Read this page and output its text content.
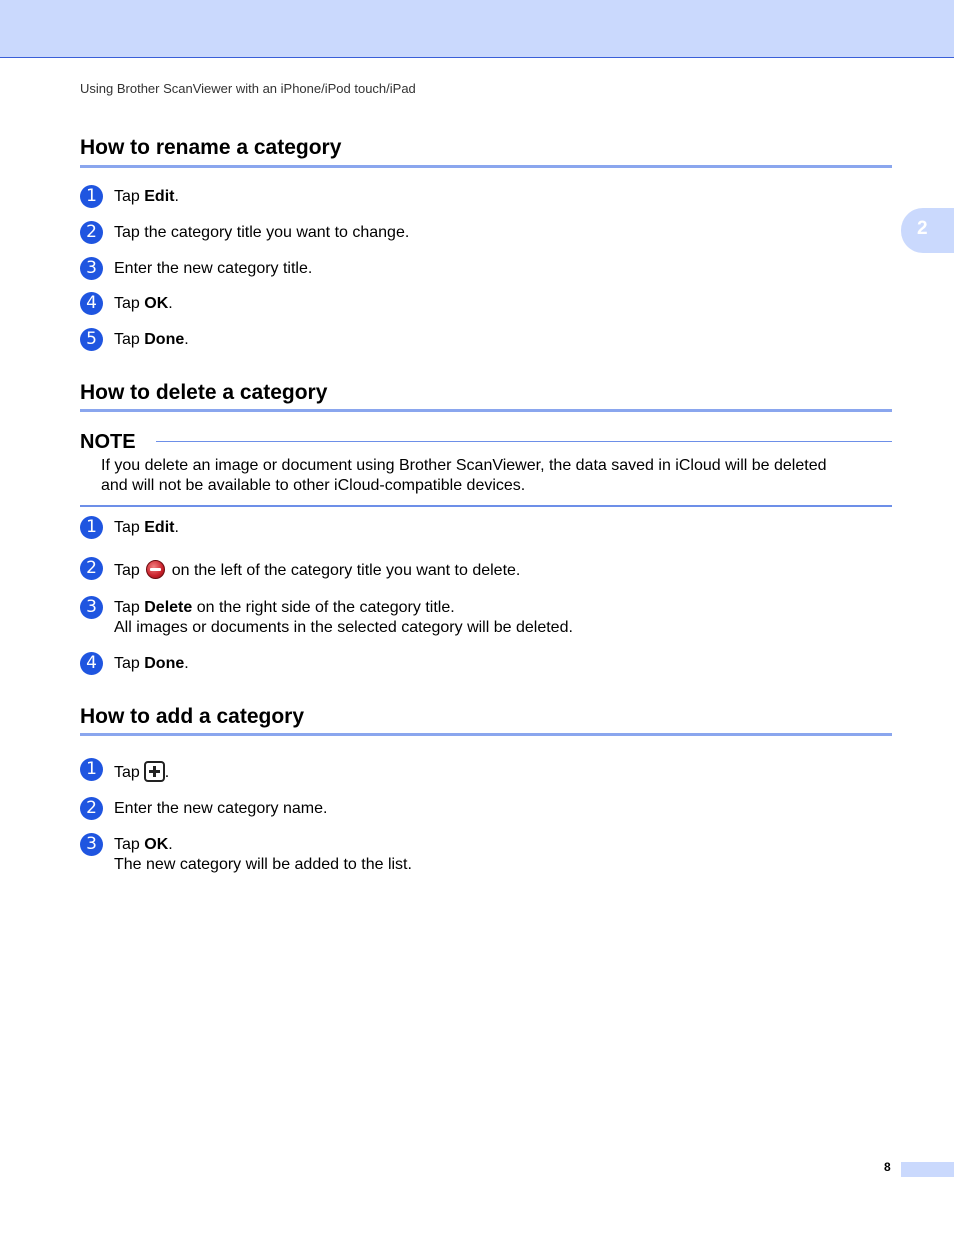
Using Brother ScanViewer with an iPhone/iPod touch/iPad
2
How to rename a category
1	Tap Edit.
2	Tap the category title you want to change.
3	Enter the new category title.
4	Tap OK.
5	Tap Done.
How to delete a category
NOTE
If you delete an image or document using Brother ScanViewer, the data saved in iCloud will be deleted
and will not be available to other iCloud-compatible devices.
1	Tap Edit.
2	Tap  on the left of the category title you want to delete.
3	Tap Delete on the right side of the category title.
All images or documents in the selected category will be deleted.
4	Tap Done.
How to add a category
1	Tap .
2	Enter the new category name.
3	Tap OK.
The new category will be added to the list.
8
